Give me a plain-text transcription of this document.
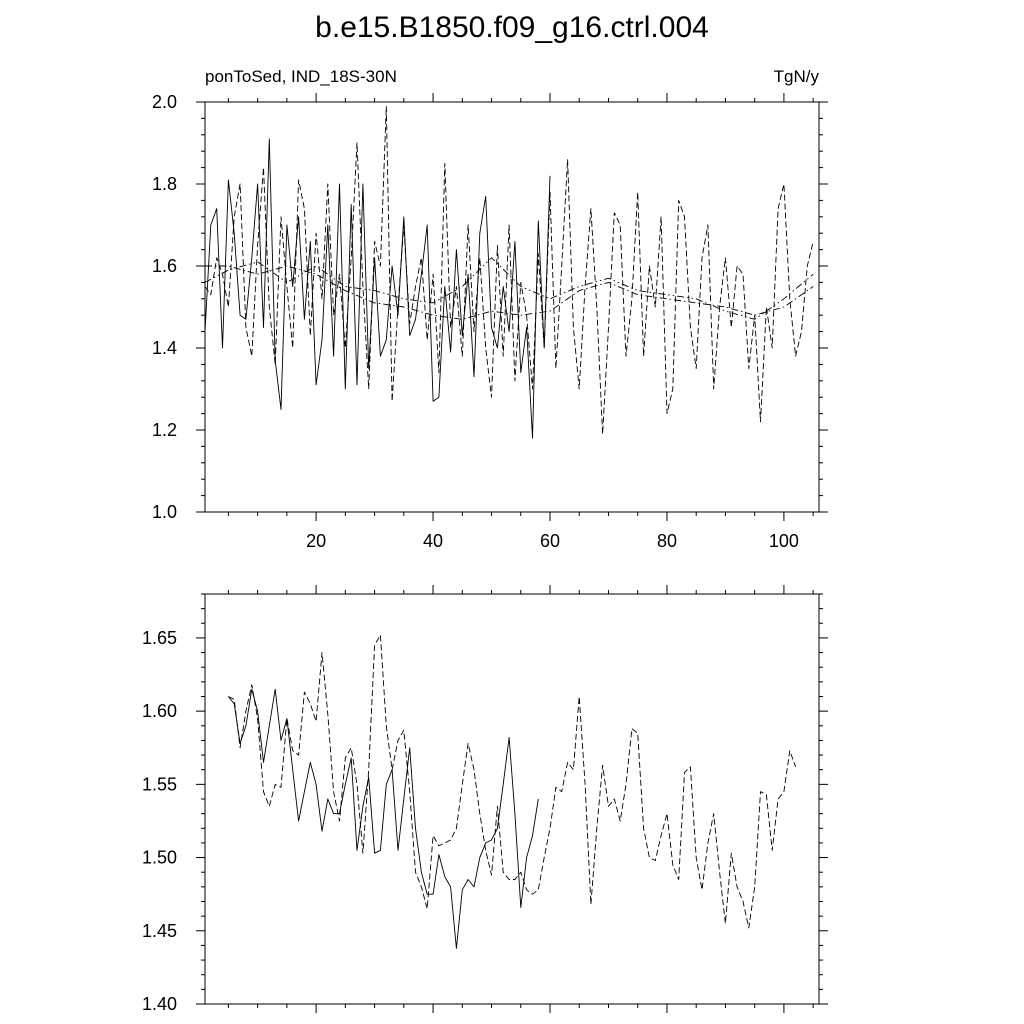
b.e15.B1850.f09_g16.ctrl.004
ponToSed, IND_18S-30N	TgN/y
20	40	60	80	100
1.0
1.2
1.4
1.6
1.8
2.0
1.40
1.45
1.50
1.55
1.60
1.65
